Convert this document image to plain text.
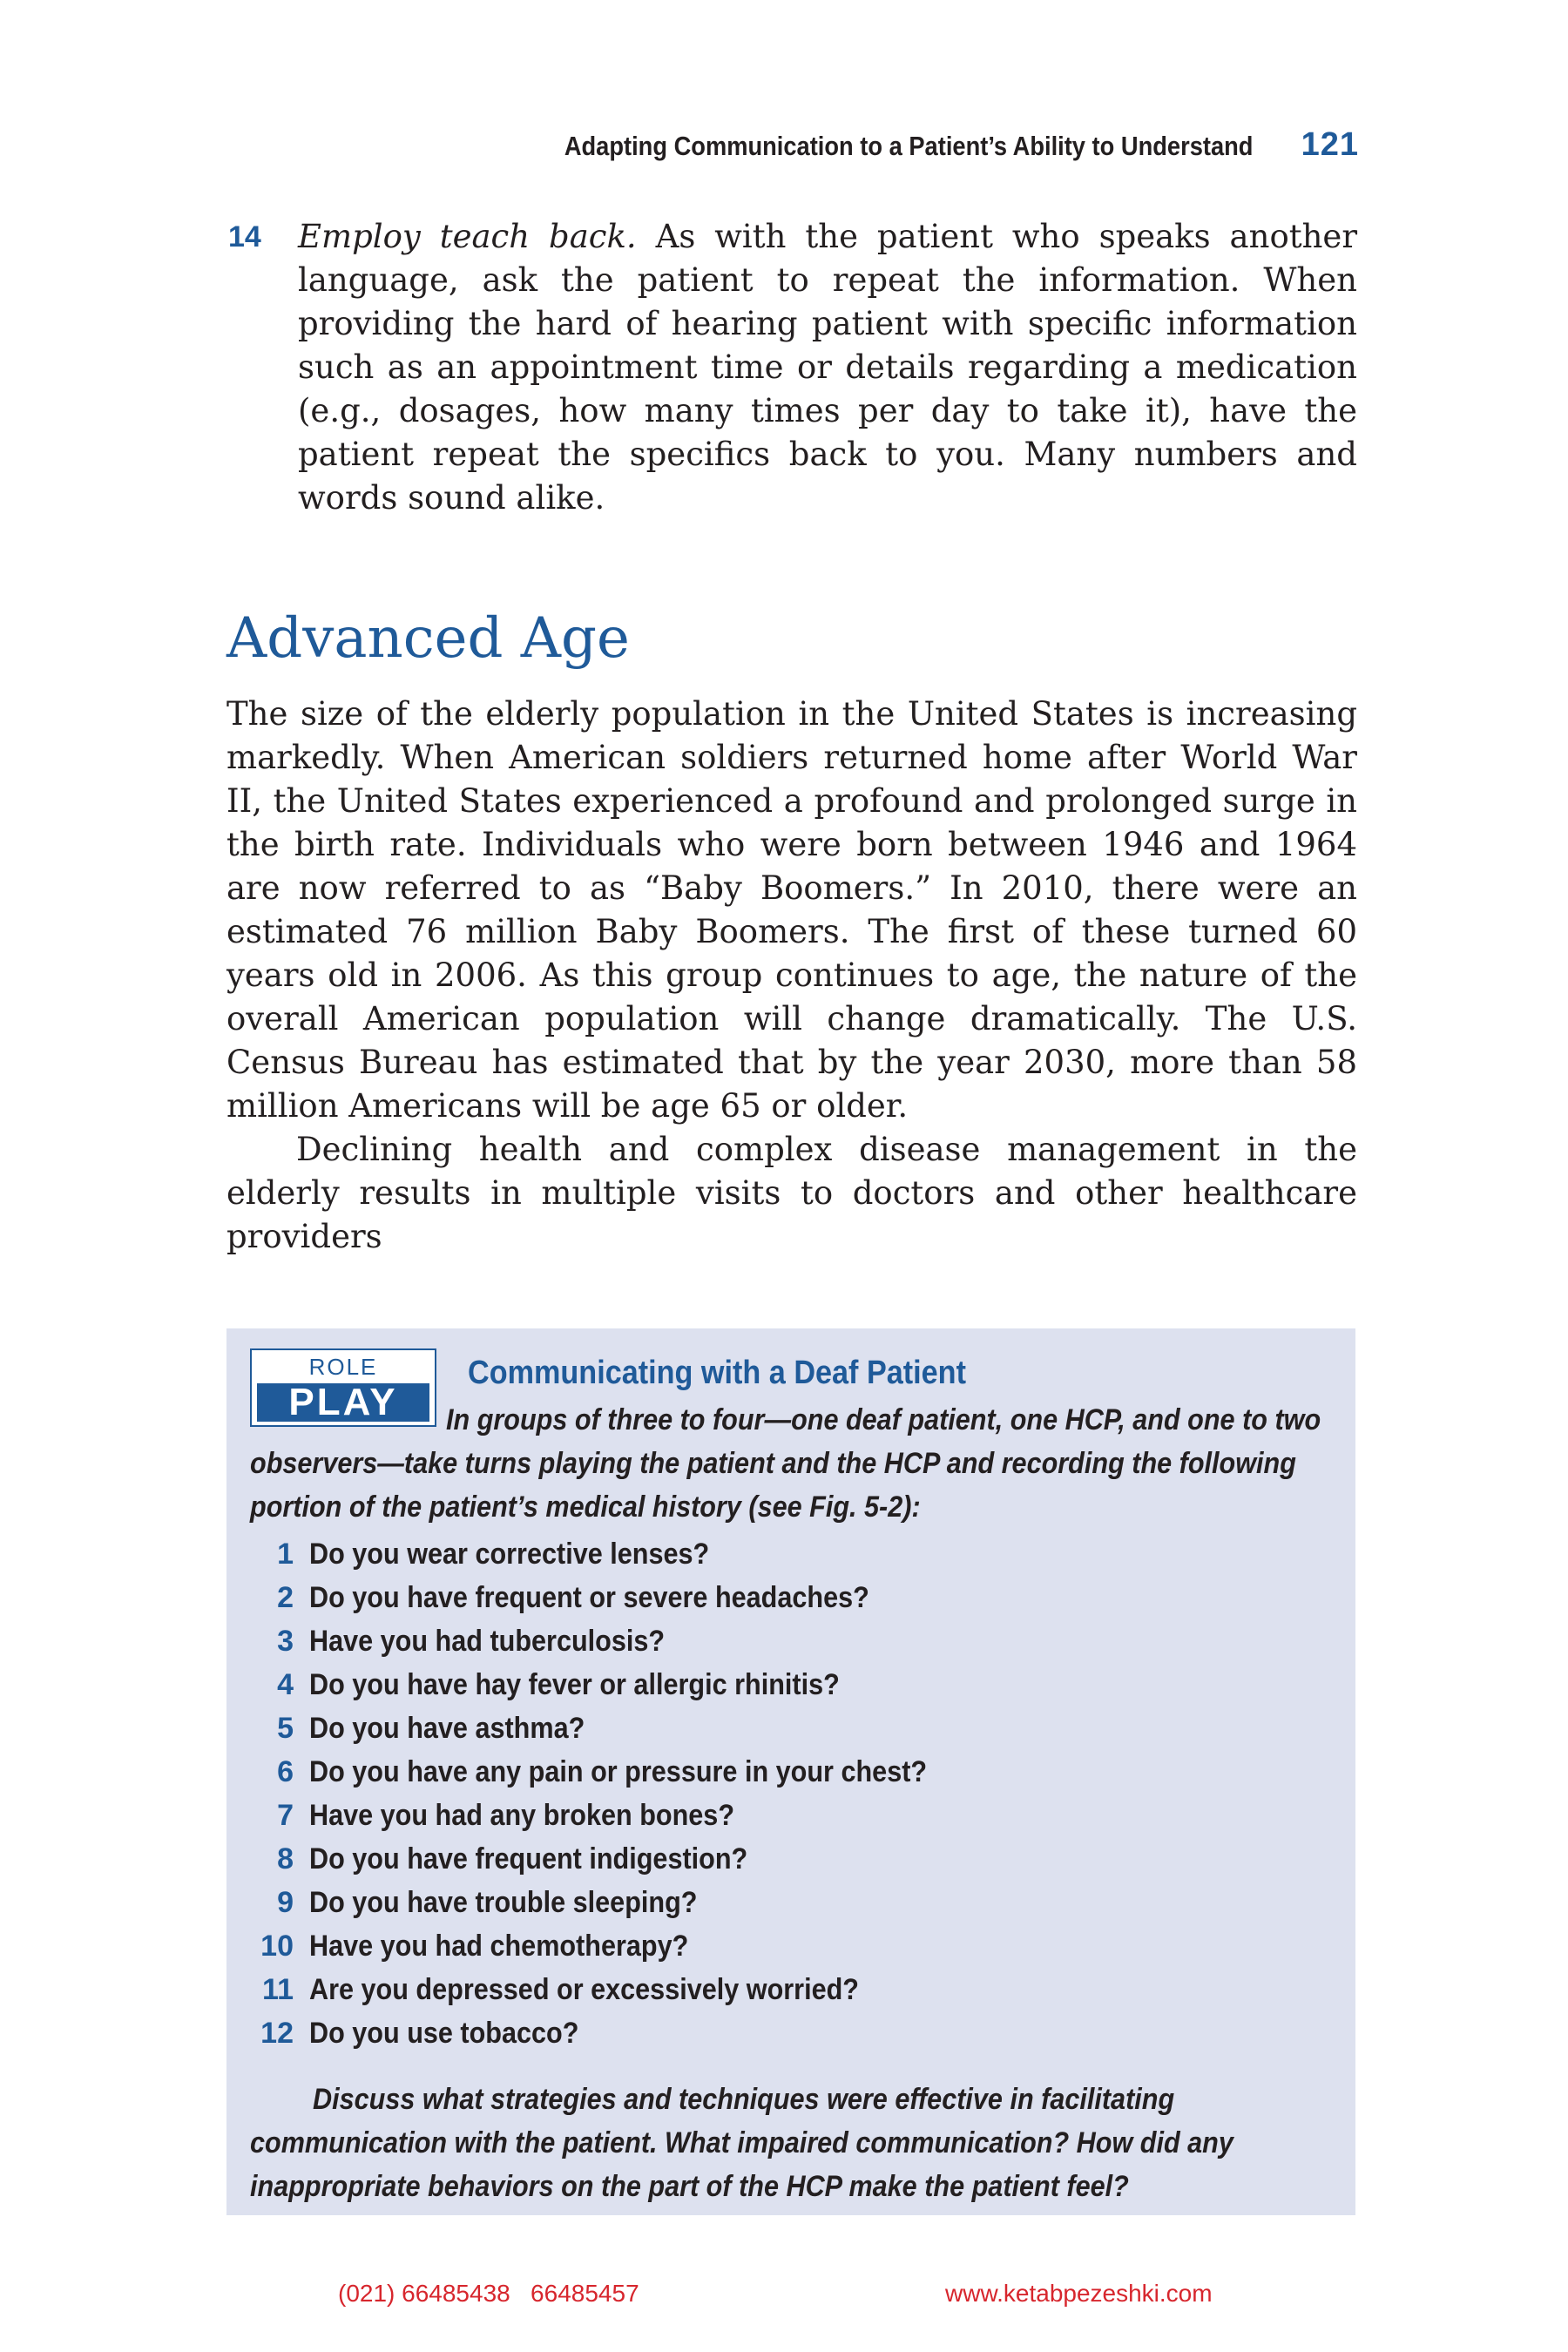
Adapting Communication to a Patient’s Ability to Understand 121
14 Employ teach back. As with the patient who speaks another language, ask the patient to repeat the information. When providing the hard of hearing patient with specific information such as an appointment time or details regarding a medication (e.g., dosages, how many times per day to take it), have the patient repeat the specifics back to you. Many numbers and words sound alike.
Advanced Age

The size of the elderly population in the United States is increasing markedly. When American soldiers returned home after World War II, the United States experienced a profound and prolonged surge in the birth rate. Individuals who were born between 1946 and 1964 are now referred to as “Baby Boomers.” In 2010, there were an estimated 76 million Baby Boomers. The first of these turned 60 years old in 2006. As this group continues to age, the nature of the overall American population will change dramatically. The U.S. Census Bureau has estimated that by the year 2030, more than 58 million Americans will be age 65 or older.

Declining health and complex disease management in the elderly results in multiple visits to doctors and other healthcare providers

ROLE
PLAY
Communicating with a Deaf Patient

In groups of three to four—one deaf patient, one HCP, and one to two observers—take turns playing the patient and the HCP and recording the following portion of the patient’s medical history (see Fig. 5-2):

1 Do you wear corrective lenses?
2 Do you have frequent or severe headaches?
3 Have you had tuberculosis?
4 Do you have hay fever or allergic rhinitis?
5 Do you have asthma?
6 Do you have any pain or pressure in your chest?
7 Have you had any broken bones?
8 Do you have frequent indigestion?
9 Do you have trouble sleeping?
10 Have you had chemotherapy?
11 Are you depressed or excessively worried?
12 Do you use tobacco?

Discuss what strategies and techniques were effective in facilitating communication with the patient. What impaired communication? How did any inappropriate behaviors on the part of the HCP make the patient feel?

(021) 66485438   66485457	www.ketabpezeshki.com
